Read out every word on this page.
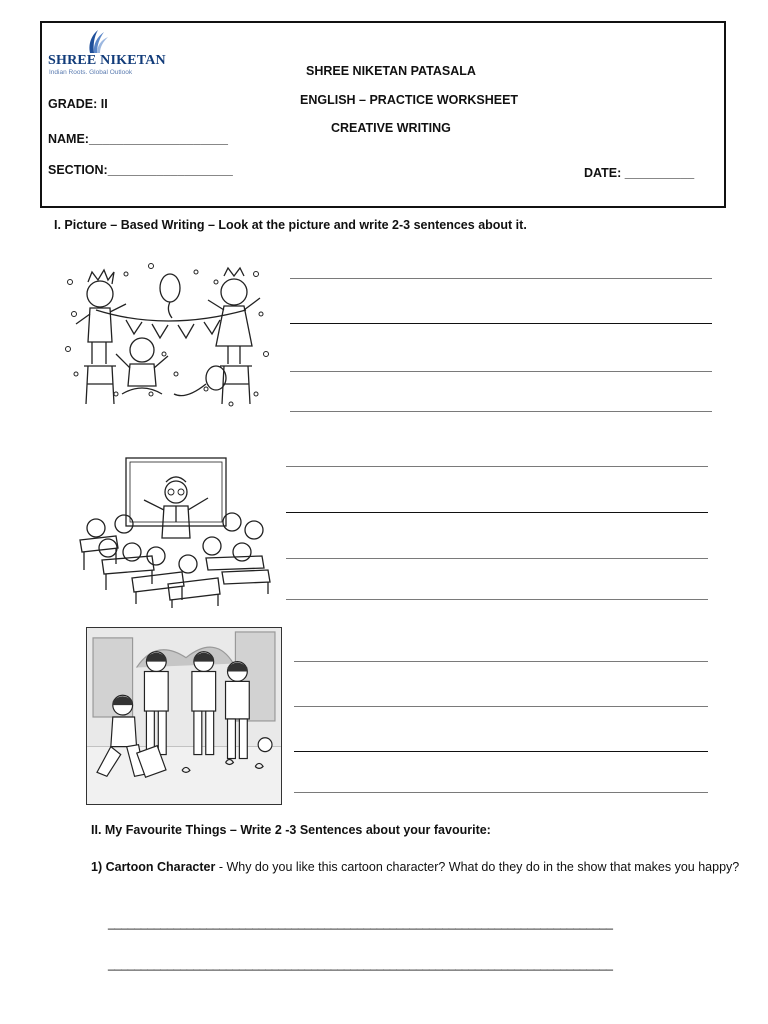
SHREE NIKETAN
Indian Roots. Global Outlook	SHREE NIKETAN PATASALA
ENGLISH – PRACTICE WORKSHEET
CREATIVE WRITING
GRADE: II
NAME:____________________
SECTION:__________________	DATE: __________
I. Picture – Based Writing – Look at the picture and write 2-3 sentences about it.
II. My Favourite Things – Write 2 -3 Sentences about your favourite:
1) Cartoon Character - Why do you like this cartoon character? What do they do in the show that makes you happy?
_____________________________________________________________________________
_____________________________________________________________________________
